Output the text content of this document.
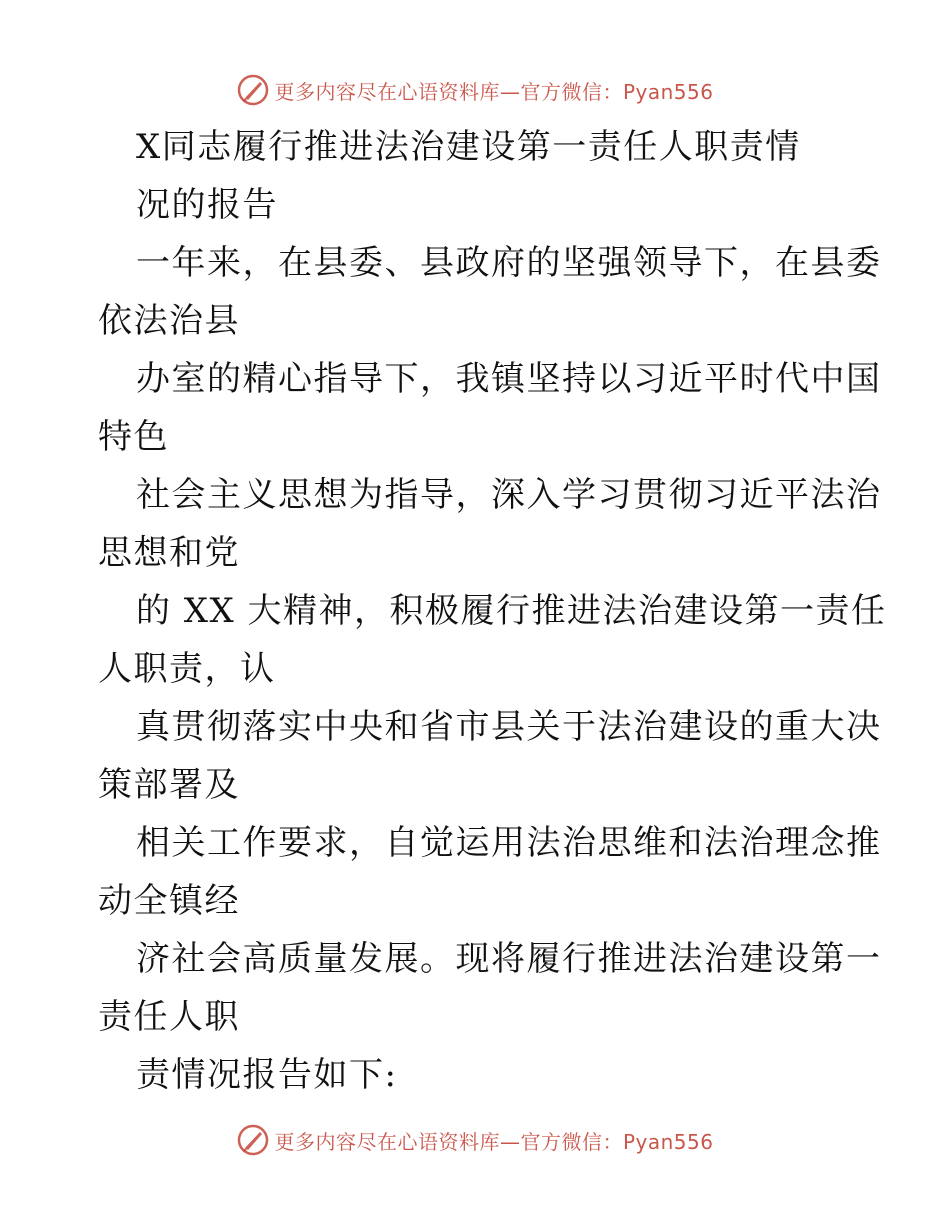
更多内容尽在心语资料库—官方微信：Pyan556
X同志履行推进法治建设第一责任人职责情
况的报告
一年来，在县委、县政府的坚强领导下，在县委
依法治县
办室的精心指导下，我镇坚持以习近平时代中国
特色
社会主义思想为指导，深入学习贯彻习近平法治
思想和党
的 XX 大精神，积极履行推进法治建设第一责任
人职责，认
真贯彻落实中央和省市县关于法治建设的重大决
策部署及
相关工作要求，自觉运用法治思维和法治理念推
动全镇经
济社会高质量发展。现将履行推进法治建设第一
责任人职
责情况报告如下:
更多内容尽在心语资料库—官方微信：Pyan556
